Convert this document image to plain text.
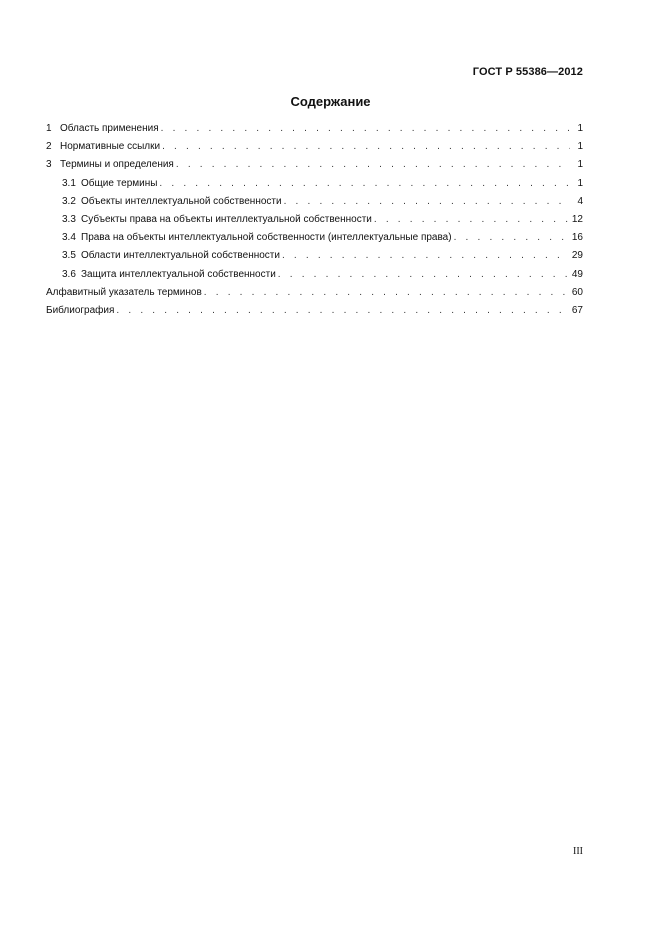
ГОСТ Р 55386—2012
Содержание
1 Область применения . . .	1
2 Нормативные ссылки . . .	1
3 Термины и определения . . .	1
3.1 Общие термины . . .	1
3.2 Объекты интеллектуальной собственности . . .	4
3.3 Субъекты права на объекты интеллектуальной собственности . . .	12
3.4 Права на объекты интеллектуальной собственности (интеллектуальные права) . . .	16
3.5 Области интеллектуальной собственности . . .	29
3.6 Защита интеллектуальной собственности . . .	49
Алфавитный указатель терминов . . .	60
Библиография . . .	67
III
